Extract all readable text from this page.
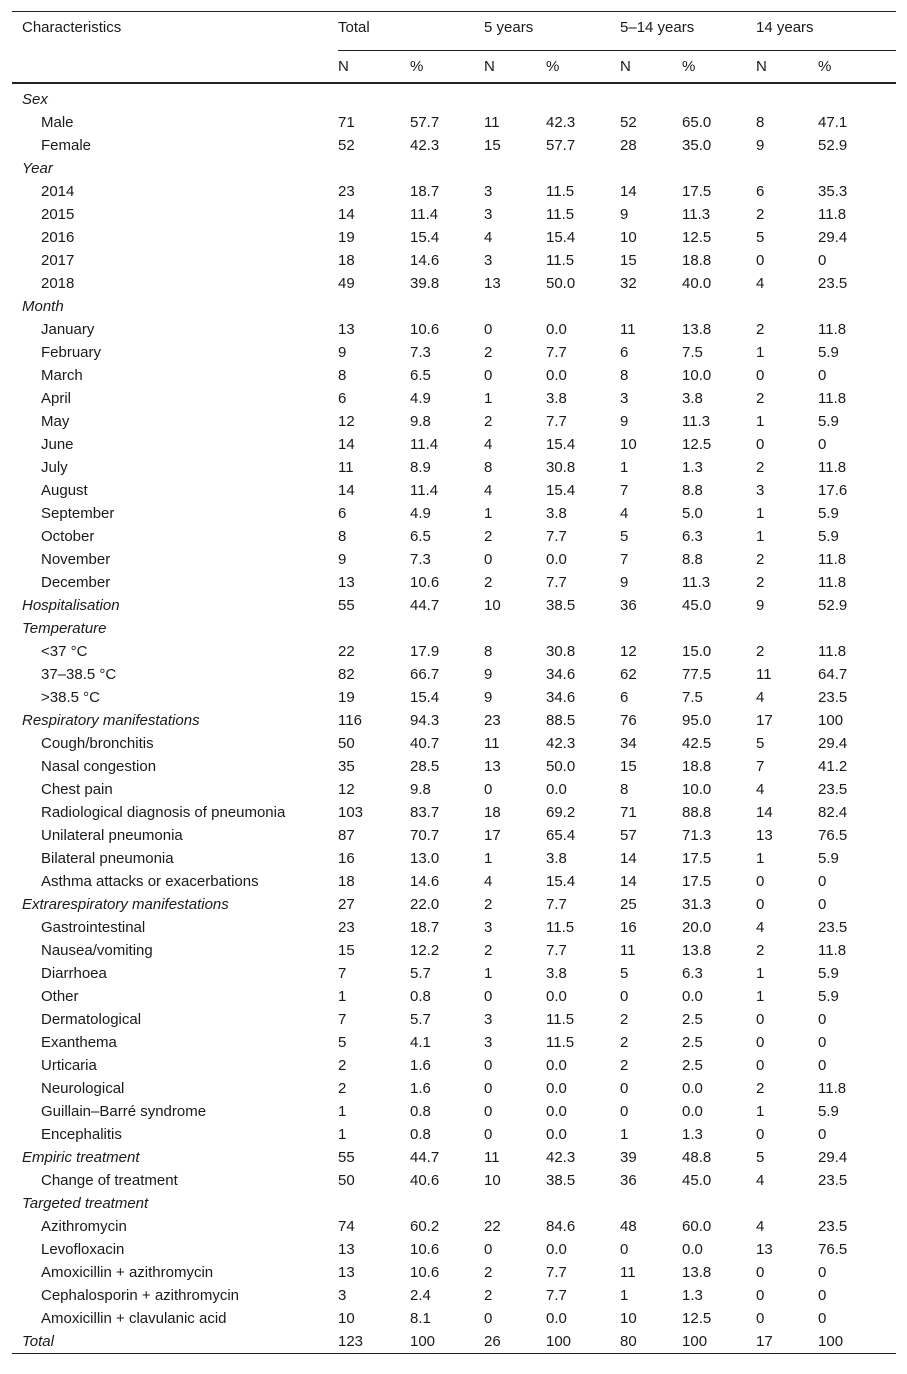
Characteristics	Total		5 years		5–14 years		14 years	
	N	%	N	%	N	%	N	%
Sex								
Male	71	57.7	11	42.3	52	65.0	8	47.1
Female	52	42.3	15	57.7	28	35.0	9	52.9
Year								
2014	23	18.7	3	11.5	14	17.5	6	35.3
2015	14	11.4	3	11.5	9	11.3	2	11.8
2016	19	15.4	4	15.4	10	12.5	5	29.4
2017	18	14.6	3	11.5	15	18.8	0	0
2018	49	39.8	13	50.0	32	40.0	4	23.5
Month								
January	13	10.6	0	0.0	11	13.8	2	11.8
February	9	7.3	2	7.7	6	7.5	1	5.9
March	8	6.5	0	0.0	8	10.0	0	0
April	6	4.9	1	3.8	3	3.8	2	11.8
May	12	9.8	2	7.7	9	11.3	1	5.9
June	14	11.4	4	15.4	10	12.5	0	0
July	11	8.9	8	30.8	1	1.3	2	11.8
August	14	11.4	4	15.4	7	8.8	3	17.6
September	6	4.9	1	3.8	4	5.0	1	5.9
October	8	6.5	2	7.7	5	6.3	1	5.9
November	9	7.3	0	0.0	7	8.8	2	11.8
December	13	10.6	2	7.7	9	11.3	2	11.8
Hospitalisation	55	44.7	10	38.5	36	45.0	9	52.9
Temperature								
<37 °C	22	17.9	8	30.8	12	15.0	2	11.8
37–38.5 °C	82	66.7	9	34.6	62	77.5	11	64.7
>38.5 °C	19	15.4	9	34.6	6	7.5	4	23.5
Respiratory manifestations	116	94.3	23	88.5	76	95.0	17	100
Cough/bronchitis	50	40.7	11	42.3	34	42.5	5	29.4
Nasal congestion	35	28.5	13	50.0	15	18.8	7	41.2
Chest pain	12	9.8	0	0.0	8	10.0	4	23.5
Radiological diagnosis of pneumonia	103	83.7	18	69.2	71	88.8	14	82.4
Unilateral pneumonia	87	70.7	17	65.4	57	71.3	13	76.5
Bilateral pneumonia	16	13.0	1	3.8	14	17.5	1	5.9
Asthma attacks or exacerbations	18	14.6	4	15.4	14	17.5	0	0
Extrarespiratory manifestations	27	22.0	2	7.7	25	31.3	0	0
Gastrointestinal	23	18.7	3	11.5	16	20.0	4	23.5
Nausea/vomiting	15	12.2	2	7.7	11	13.8	2	11.8
Diarrhoea	7	5.7	1	3.8	5	6.3	1	5.9
Other	1	0.8	0	0.0	0	0.0	1	5.9
Dermatological	7	5.7	3	11.5	2	2.5	0	0
Exanthema	5	4.1	3	11.5	2	2.5	0	0
Urticaria	2	1.6	0	0.0	2	2.5	0	0
Neurological	2	1.6	0	0.0	0	0.0	2	11.8
Guillain–Barré syndrome	1	0.8	0	0.0	0	0.0	1	5.9
Encephalitis	1	0.8	0	0.0	1	1.3	0	0
Empiric treatment	55	44.7	11	42.3	39	48.8	5	29.4
Change of treatment	50	40.6	10	38.5	36	45.0	4	23.5
Targeted treatment								
Azithromycin	74	60.2	22	84.6	48	60.0	4	23.5
Levofloxacin	13	10.6	0	0.0	0	0.0	13	76.5
Amoxicillin + azithromycin	13	10.6	2	7.7	11	13.8	0	0
Cephalosporin + azithromycin	3	2.4	2	7.7	1	1.3	0	0
Amoxicillin + clavulanic acid	10	8.1	0	0.0	10	12.5	0	0
Total	123	100	26	100	80	100	17	100
